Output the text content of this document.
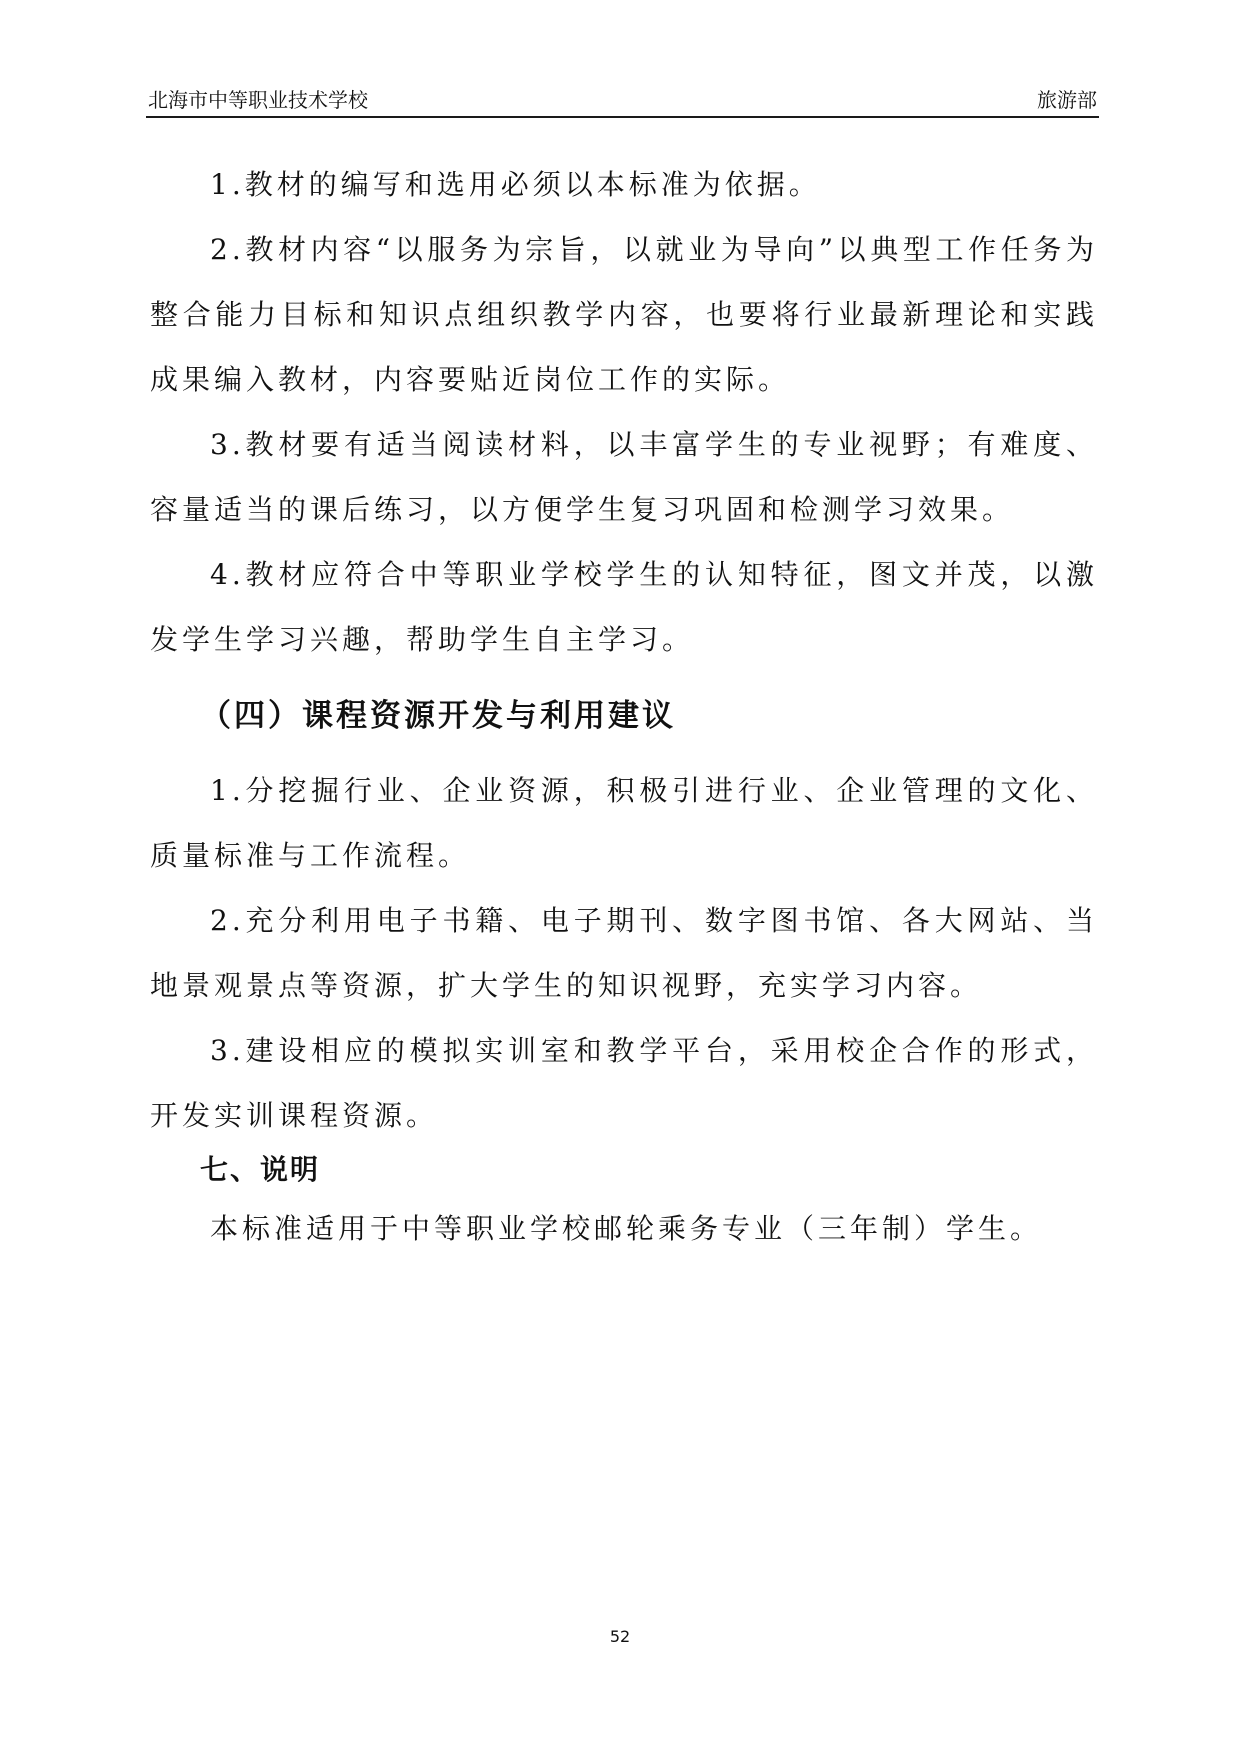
北海市中等职业技术学校	旅游部

1.教材的编写和选用必须以本标准为依据。

2.教材内容“以服务为宗旨，以就业为导向”以典型工作任务为整合能力目标和知识点组织教学内容，也要将行业最新理论和实践成果编入教材，内容要贴近岗位工作的实际。

3.教材要有适当阅读材料，以丰富学生的专业视野；有难度、容量适当的课后练习，以方便学生复习巩固和检测学习效果。

4.教材应符合中等职业学校学生的认知特征，图文并茂，以激发学生学习兴趣，帮助学生自主学习。

（四）课程资源开发与利用建议

1.分挖掘行业、企业资源，积极引进行业、企业管理的文化、质量标准与工作流程。

2.充分利用电子书籍、电子期刊、数字图书馆、各大网站、当地景观景点等资源，扩大学生的知识视野，充实学习内容。

3.建设相应的模拟实训室和教学平台，采用校企合作的形式，开发实训课程资源。

七、说明

本标准适用于中等职业学校邮轮乘务专业（三年制）学生。

52
